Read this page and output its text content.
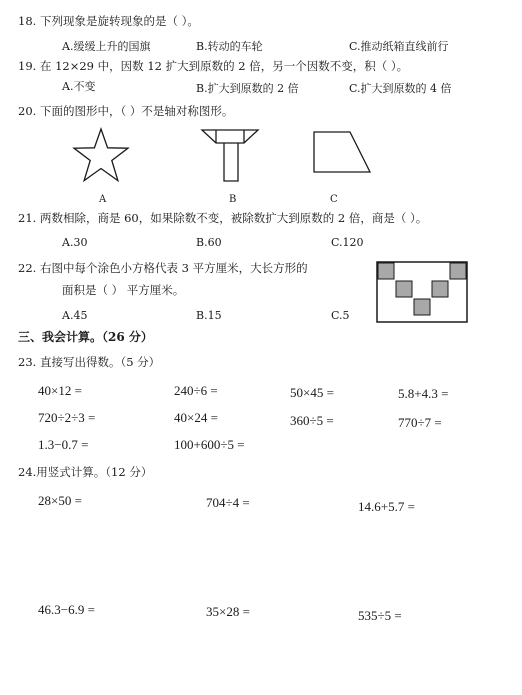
18. 下列现象是旋转现象的是（ ）。
A.缓缓上升的国旗	B.转动的车轮	C.推动纸箱直线前行
19. 在 12×29 中，因数 12 扩大到原数的 2 倍，另一个因数不变，积（ ）。
A.不变	B.扩大到原数的 2 倍	C.扩大到原数的 4 倍
20. 下面的图形中，（ ）不是轴对称图形。
A	B	C
21. 两数相除，商是 60，如果除数不变，被除数扩大到原数的 2 倍，商是（ ）。
A.30	B.60	C.120
22. 右图中每个涂色小方格代表 3 平方厘米，大长方形的
面积是（ ） 平方厘米。
A.45	B.15	C.5
三、我会计算。（26 分）
23. 直接写出得数。（5 分）
40×12 =	240÷6 =	50×45 =	5.8+4.3 =
720÷2÷3 =	40×24 =	360÷5 =	770÷7 =
1.3−0.7 =	100+600÷5 =
24.用竖式计算。（12 分）
28×50 =	704÷4 =	14.6+5.7 =
46.3−6.9 =	35×28 =	535÷5 =
